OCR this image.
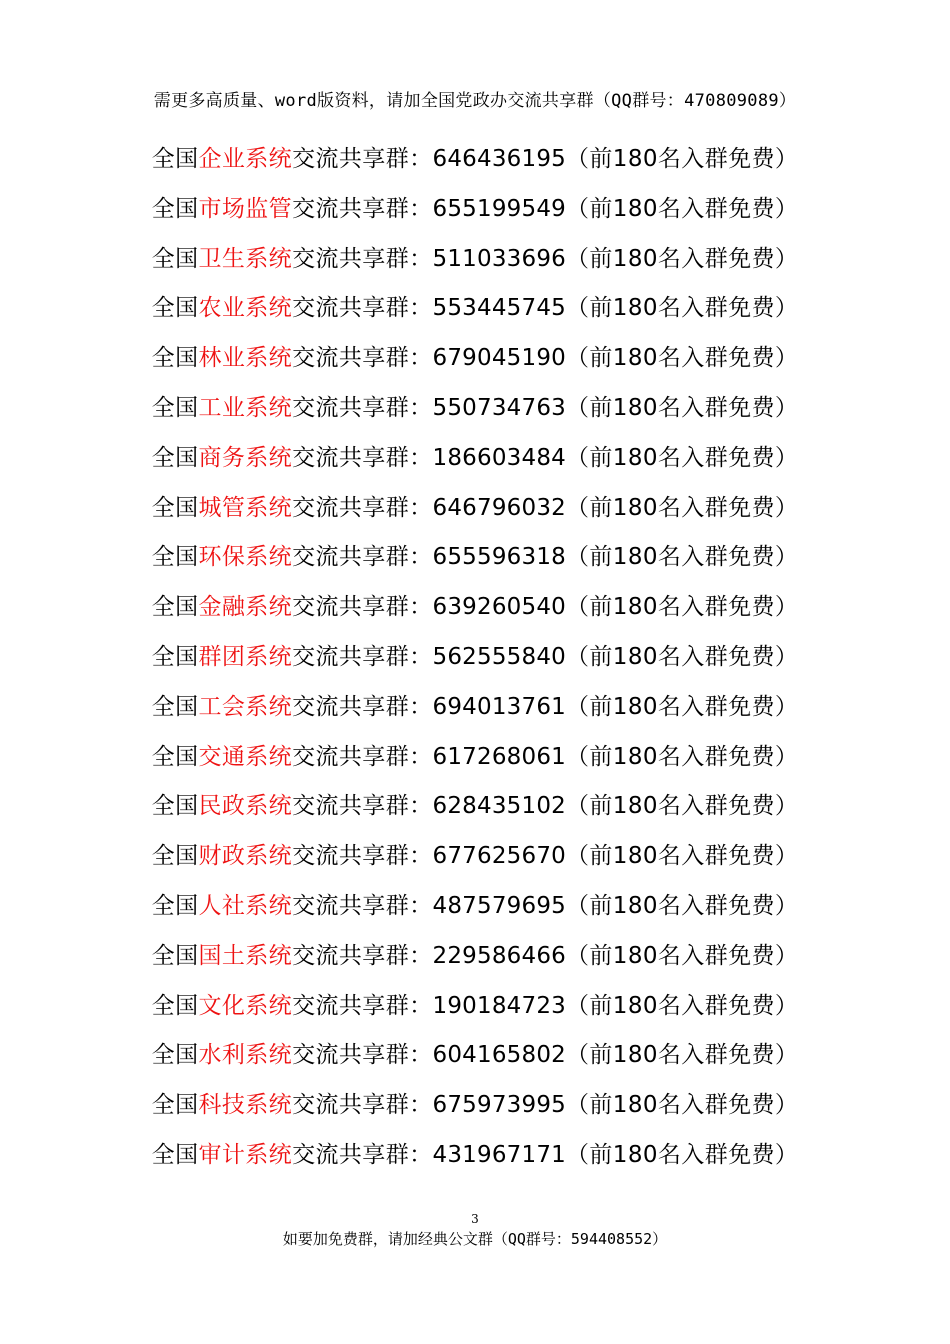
需更多高质量、word版资料，请加全国党政办交流共享群（QQ群号：470809089）
全国企业系统交流共享群：646436195（前180名入群免费）
全国市场监管交流共享群：655199549（前180名入群免费）
全国卫生系统交流共享群：511033696（前180名入群免费）
全国农业系统交流共享群：553445745（前180名入群免费）
全国林业系统交流共享群：679045190（前180名入群免费）
全国工业系统交流共享群：550734763（前180名入群免费）
全国商务系统交流共享群：186603484（前180名入群免费）
全国城管系统交流共享群：646796032（前180名入群免费）
全国环保系统交流共享群：655596318（前180名入群免费）
全国金融系统交流共享群：639260540（前180名入群免费）
全国群团系统交流共享群：562555840（前180名入群免费）
全国工会系统交流共享群：694013761（前180名入群免费）
全国交通系统交流共享群：617268061（前180名入群免费）
全国民政系统交流共享群：628435102（前180名入群免费）
全国财政系统交流共享群：677625670（前180名入群免费）
全国人社系统交流共享群：487579695（前180名入群免费）
全国国土系统交流共享群：229586466（前180名入群免费）
全国文化系统交流共享群：190184723（前180名入群免费）
全国水利系统交流共享群：604165802（前180名入群免费）
全国科技系统交流共享群：675973995（前180名入群免费）
全国审计系统交流共享群：431967171（前180名入群免费）
3
如要加免费群，请加经典公文群（QQ群号：594408552）
